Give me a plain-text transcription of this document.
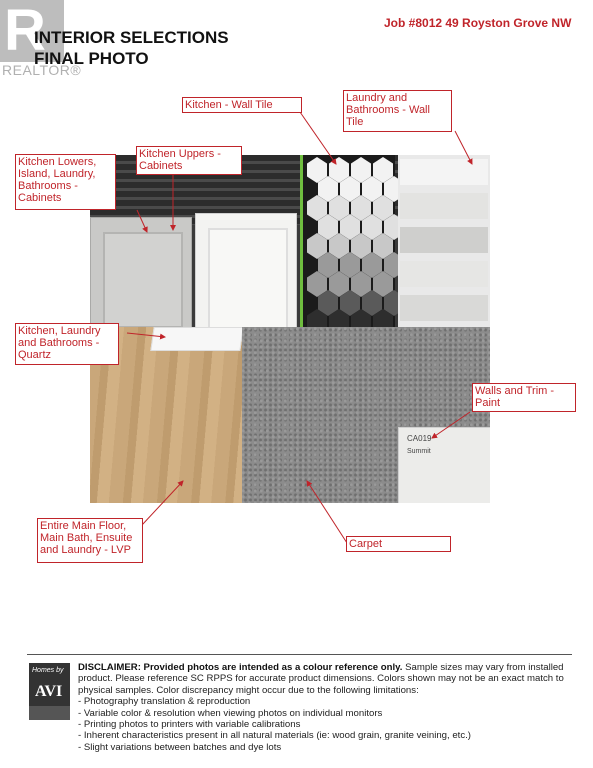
R
REALTOR®
INTERIOR SELECTIONS
FINAL PHOTO
Job #8012 49 Royston Grove NW
CA019
Summit
Kitchen - Wall Tile
Laundry and
Bathrooms - Wall
Tile
Kitchen Uppers -
Cabinets
Kitchen Lowers,
Island, Laundry,
Bathrooms -
Cabinets
Kitchen, Laundry
and Bathrooms -
Quartz
Walls and Trim -
Paint
Entire Main Floor,
Main Bath, Ensuite
and Laundry - LVP	Carpet
Homes by
AVI
DISCLAIMER: Provided photos are intended as a colour reference only. Sample sizes may vary from installed product. Please reference SC RPPS for accurate product dimensions. Colors shown may not be an exact match to physical samples. Color discrepancy might occur due to the following limitations:
- Photography translation & reproduction
- Variable color & resolution when viewing photos on individual monitors
- Printing photos to printers with variable calibrations
- Inherent characteristics present in all natural materials (ie: wood grain, granite veining, etc.)
- Slight variations between batches and dye lots
